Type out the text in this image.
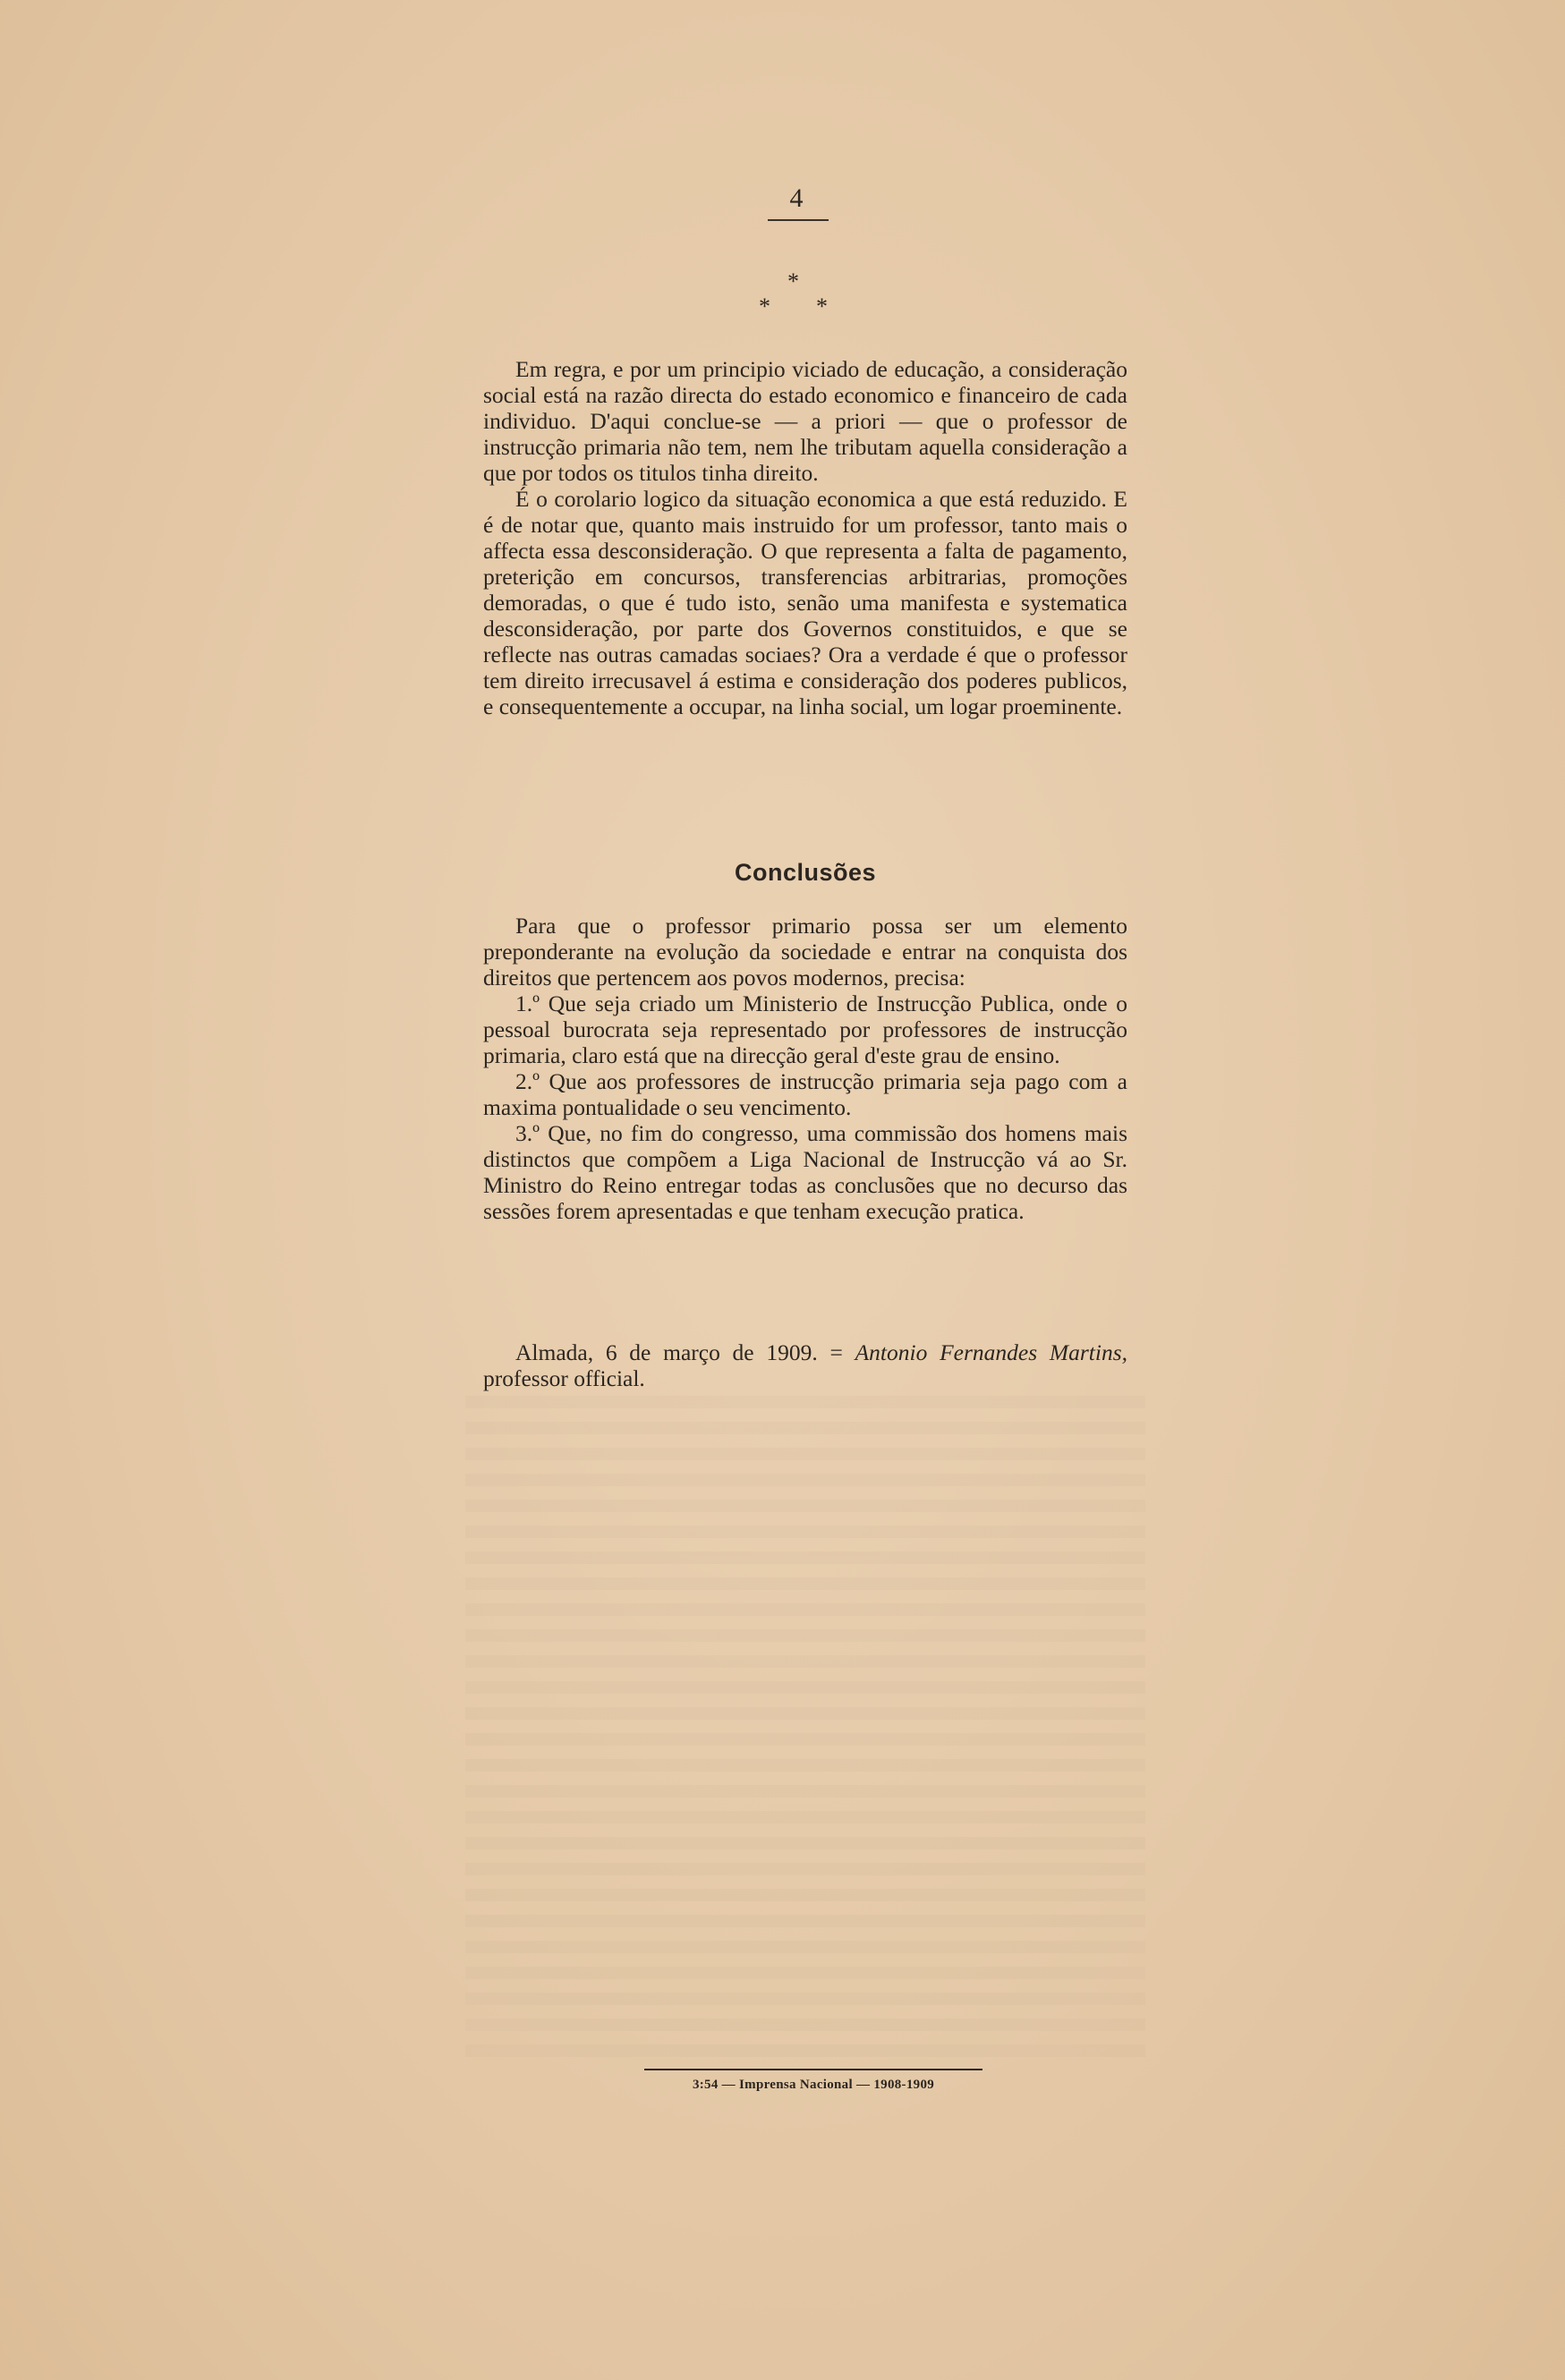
4
*
* *

Em regra, e por um principio viciado de educação, a consideração social está na razão directa do estado economico e financeiro de cada individuo. D'aqui conclue-se — a priori — que o professor de instrucção primaria não tem, nem lhe tributam aquella consideração a que por todos os titulos tinha direito.

É o corolario logico da situação economica a que está reduzido. E é de notar que, quanto mais instruido for um professor, tanto mais o affecta essa desconsideração. O que representa a falta de pagamento, preterição em concursos, transferencias arbitrarias, promoções demoradas, o que é tudo isto, senão uma manifesta e systematica desconsideração, por parte dos Governos constituidos, e que se reflecte nas outras camadas sociaes? Ora a verdade é que o professor tem direito irrecusavel á estima e consideração dos poderes publicos, e consequentemente a occupar, na linha social, um logar proeminente.

Conclusões

Para que o professor primario possa ser um elemento preponderante na evolução da sociedade e entrar na conquista dos direitos que pertencem aos povos modernos, precisa:

1.º Que seja criado um Ministerio de Instrucção Publica, onde o pessoal burocrata seja representado por professores de instrucção primaria, claro está que na direcção geral d'este grau de ensino.

2.º Que aos professores de instrucção primaria seja pago com a maxima pontualidade o seu vencimento.

3.º Que, no fim do congresso, uma commissão dos homens mais distinctos que compõem a Liga Nacional de Instrucção vá ao Sr. Ministro do Reino entregar todas as conclusões que no decurso das sessões forem apresentadas e que tenham execução pratica.

Almada, 6 de março de 1909. = Antonio Fernandes Martins, professor official.

3:54 — Imprensa Nacional — 1908-1909
